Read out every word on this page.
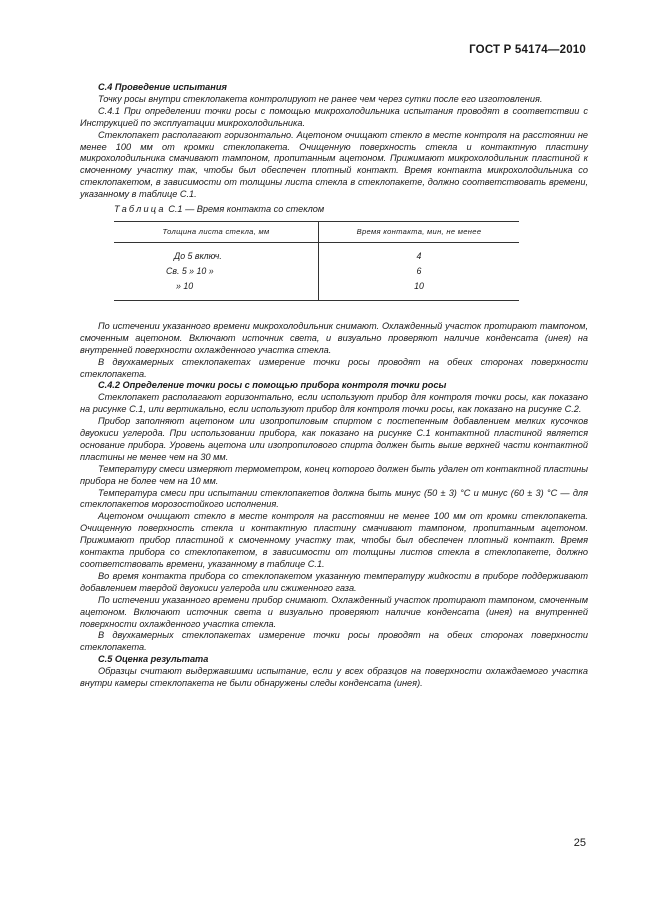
ГОСТ Р 54174—2010

С.4 Проведение испытания

Точку росы внутри стеклопакета контролируют не ранее чем через сутки после его изготовления.

С.4.1 При определении точки росы с помощью микрохолодильника испытания проводят в соответствии с Инструкцией по эксплуатации микрохолодильника.

Стеклопакет располагают горизонтально. Ацетоном очищают стекло в месте контроля на расстоянии не менее 100 мм от кромки стеклопакета. Очищенную поверхность стекла и контактную пластину микрохолодильника смачивают тампоном, пропитанным ацетоном. Прижимают микрохолодильник пластиной к смоченному участку так, чтобы был обеспечен плотный контакт. Время контакта микрохолодильника со стеклопакетом, в зависимости от толщины листа стекла в стеклопакете, должно соответствовать времени, указанному в таблице С.1.

Таблица С.1 — Время контакта со стеклом
Толщина листа стекла, мм	Время контакта, мин, не менее
До 5 включ.	4
Св. 5 » 10 »	6
» 10	10

По истечении указанного времени микрохолодильник снимают. Охлажденный участок протирают тампоном, смоченным ацетоном. Включают источник света, и визуально проверяют наличие конденсата (инея) на внутренней поверхности охлажденного участка стекла.

В двухкамерных стеклопакетах измерение точки росы проводят на обеих сторонах поверхности стеклопакета.

С.4.2 Определение точки росы с помощью прибора контроля точки росы

Стеклопакет располагают горизонтально, если используют прибор для контроля точки росы, как показано на рисунке С.1, или вертикально, если используют прибор для контроля точки росы, как показано на рисунке С.2.

Прибор заполняют ацетоном или изопропиловым спиртом с постепенным добавлением мелких кусочков двуокиси углерода. При использовании прибора, как показано на рисунке С.1 контактной пластиной является основание прибора. Уровень ацетона или изопропилового спирта должен быть выше верхней части контактной пластины не менее чем на 30 мм.

Температуру смеси измеряют термометром, конец которого должен быть удален от контактной пластины прибора не более чем на 10 мм.

Температура смеси при испытании стеклопакетов должна быть минус (50 ± 3) °С и минус (60 ± 3) °С — для стеклопакетов морозостойкого исполнения.

Ацетоном очищают стекло в месте контроля на расстоянии не менее 100 мм от кромки стеклопакета. Очищенную поверхность стекла и контактную пластину смачивают тампоном, пропитанным ацетоном. Прижимают прибор пластиной к смоченному участку так, чтобы был обеспечен плотный контакт. Время контакта прибора со стеклопакетом, в зависимости от толщины листов стекла в стеклопакете, должно соответствовать времени, указанному в таблице С.1.

Во время контакта прибора со стеклопакетом указанную температуру жидкости в приборе поддерживают добавлением твердой двуокиси углерода или сжиженного газа.

По истечении указанного времени прибор снимают. Охлажденный участок протирают тампоном, смоченным ацетоном. Включают источник света и визуально проверяют наличие конденсата (инея) на внутренней поверхности охлажденного участка стекла.

В двухкамерных стеклопакетах измерение точки росы проводят на обеих сторонах поверхности стеклопакета.

С.5 Оценка результата

Образцы считают выдержавшими испытание, если у всех образцов на поверхности охлаждаемого участка внутри камеры стеклопакета не были обнаружены следы конденсата (инея).

25
